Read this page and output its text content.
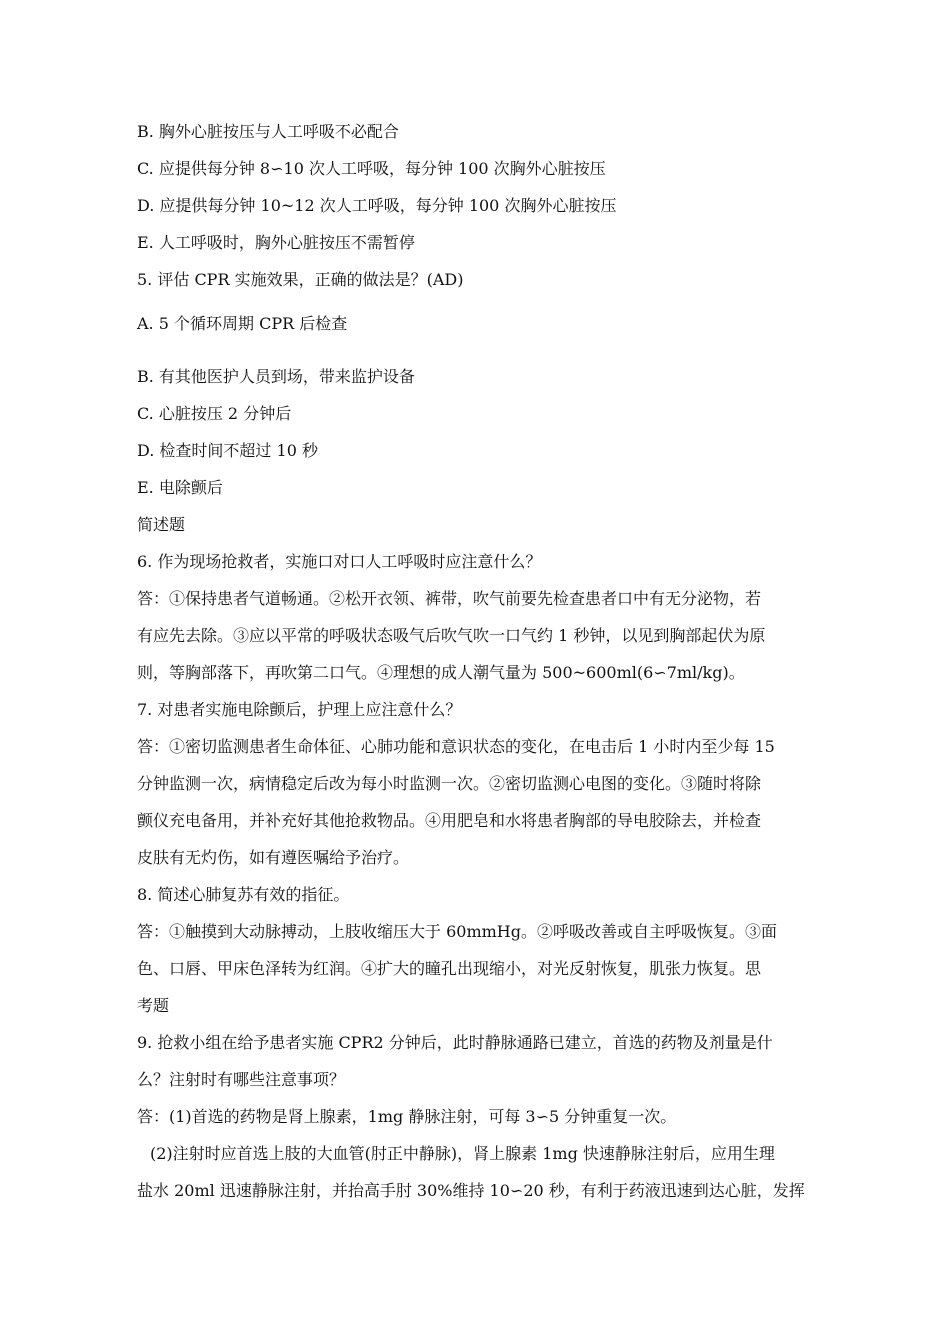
B. 胸外心脏按压与人工呼吸不必配合
C. 应提供每分钟 8∽10 次人工呼吸，每分钟 100 次胸外心脏按压
D. 应提供每分钟 10~12 次人工呼吸，每分钟 100 次胸外心脏按压
E. 人工呼吸时，胸外心脏按压不需暂停
5. 评估 CPR 实施效果，正确的做法是？(AD)
A. 5 个循环周期 CPR 后检查
B. 有其他医护人员到场，带来监护设备
C. 心脏按压 2 分钟后
D. 检查时间不超过 10 秒
E. 电除颤后
简述题
6. 作为现场抢救者，实施口对口人工呼吸时应注意什么？
答：①保持患者气道畅通。②松开衣领、裤带，吹气前要先检查患者口中有无分泌物，若
有应先去除。③应以平常的呼吸状态吸气后吹气吹一口气约 1 秒钟，以见到胸部起伏为原
则，等胸部落下，再吹第二口气。④理想的成人潮气量为 500~600ml(6∽7ml/kg)。
7. 对患者实施电除颤后，护理上应注意什么？
答：①密切监测患者生命体征、心肺功能和意识状态的变化，在电击后 1 小时内至少每 15
分钟监测一次，病情稳定后改为每小时监测一次。②密切监测心电图的变化。③随时将除
颤仪充电备用，并补充好其他抢救物品。④用肥皂和水将患者胸部的导电胶除去，并检查
皮肤有无灼伤，如有遵医嘱给予治疗。
8. 简述心肺复苏有效的指征。
答：①触摸到大动脉搏动，上肢收缩压大于 60mmHg。②呼吸改善或自主呼吸恢复。③面
色、口唇、甲床色泽转为红润。④扩大的瞳孔出现缩小，对光反射恢复，肌张力恢复。思
考题
9. 抢救小组在给予患者实施 CPR2 分钟后，此时静脉通路已建立，首选的药物及剂量是什
么？注射时有哪些注意事项？
答：(1)首选的药物是肾上腺素，1mg 静脉注射，可每 3∽5 分钟重复一次。
(2)注射时应首选上肢的大血管(肘正中静脉)，肾上腺素 1mg 快速静脉注射后，应用生理
盐水 20ml 迅速静脉注射，并抬高手肘 30%维持 10∽20 秒，有利于药液迅速到达心脏，发挥
